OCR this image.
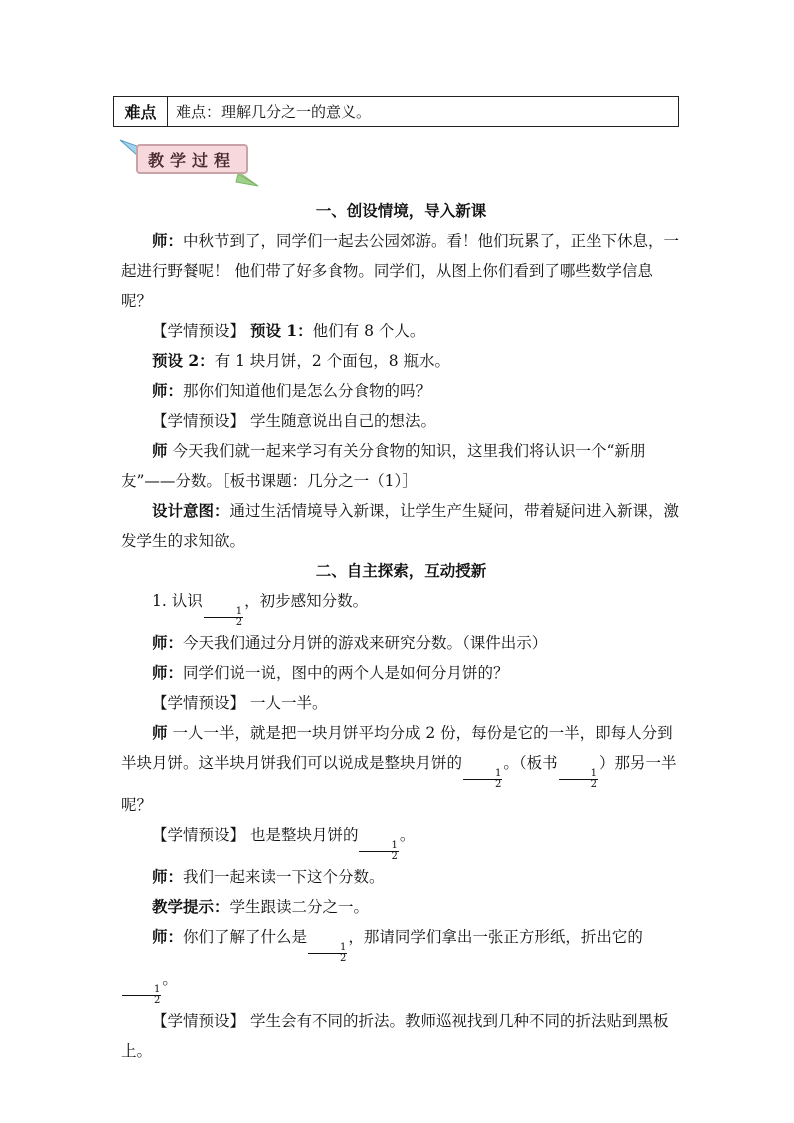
难点	难点：理解几分之一的意义。
教学过程

一、创设情境，导入新课

师：中秋节到了，同学们一起去公园郊游。看！他们玩累了，正坐下休息，一起进行野餐呢！ 他们带了好多食物。同学们，从图上你们看到了哪些数学信息呢？

【学情预设】 预设 1：他们有 8 个人。

预设 2：有 1 块月饼，2 个面包，8 瓶水。

师：那你们知道他们是怎么分食物的吗？

【学情预设】 学生随意说出自己的想法。

师 今天我们就一起来学习有关分食物的知识，这里我们将认识一个“新朋友”——分数。［板书课题：几分之一（1）］

设计意图：通过生活情境导入新课，让学生产生疑问，带着疑问进入新课，激发学生的求知欲。

二、自主探索，互动授新

1. 认识
$\frac{1}{2}$
，初步感知分数。

师：今天我们通过分月饼的游戏来研究分数。（课件出示）

师：同学们说一说，图中的两个人是如何分月饼的？

【学情预设】 一人一半。

师 一人一半，就是把一块月饼平均分成 2 份，每份是它的一半，即每人分到半块月饼。这半块月饼我们可以说成是整块月饼的
$\frac{1}{2}$
。（板书
$\frac{1}{2}$
）那另一半呢？

【学情预设】 也是整块月饼的
$\frac{1}{2}$
。

师：我们一起来读一下这个分数。

教学提示：学生跟读二分之一。

师：你们了解了什么是
$\frac{1}{2}$
，那请同学们拿出一张正方形纸，折出它的
$\frac{1}{2}$
。

【学情预设】 学生会有不同的折法。教师巡视找到几种不同的折法贴到黑板上。
